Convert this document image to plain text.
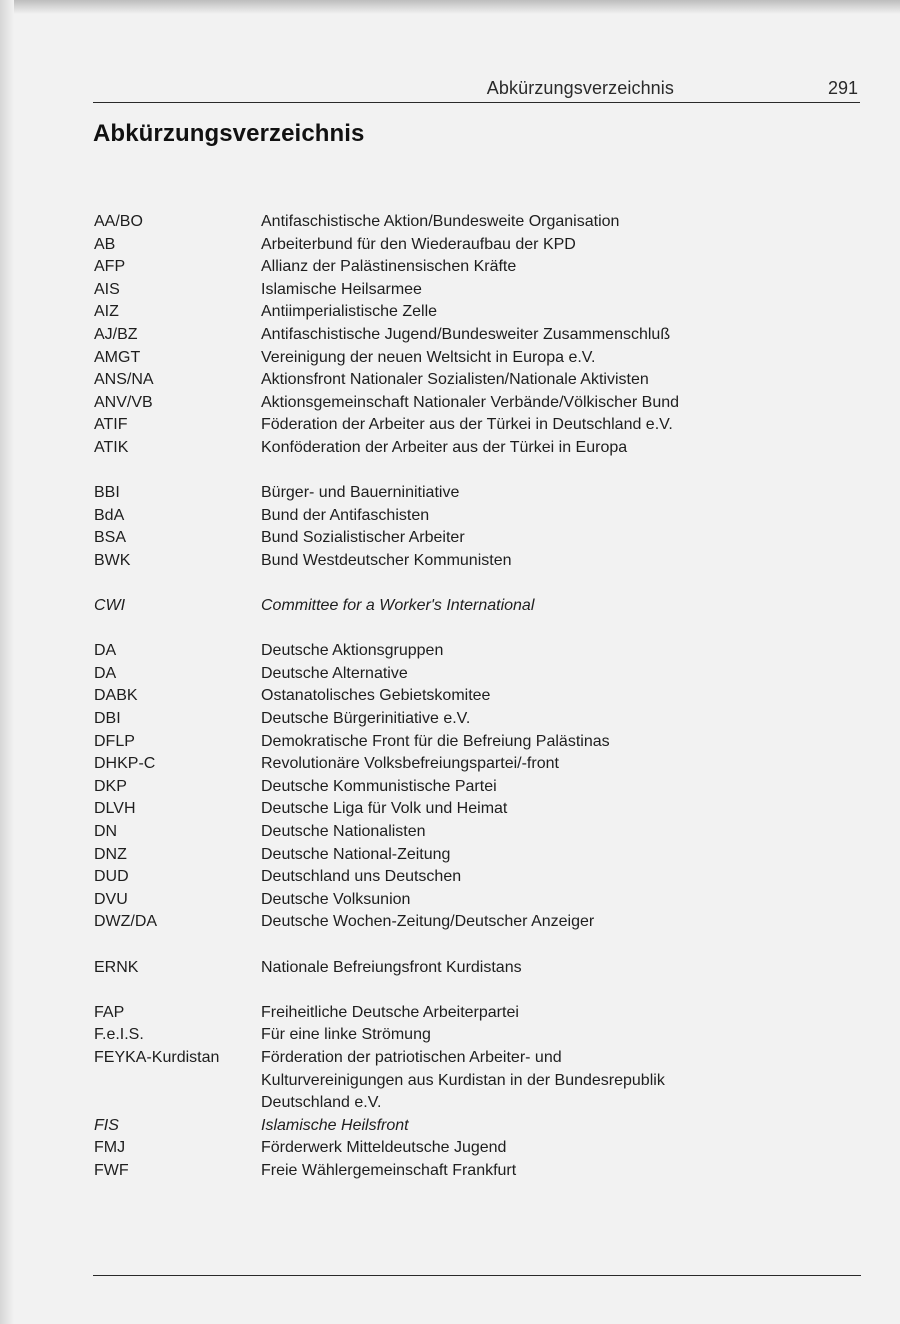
Abkürzungsverzeichnis	291
Abkürzungsverzeichnis
AA/BO	Antifaschistische Aktion/Bundesweite Organisation
AB	Arbeiterbund für den Wiederaufbau der KPD
AFP	Allianz der Palästinensischen Kräfte
AIS	Islamische Heilsarmee
AIZ	Antiimperialistische Zelle
AJ/BZ	Antifaschistische Jugend/Bundesweiter Zusammenschluß
AMGT	Vereinigung der neuen Weltsicht in Europa e.V.
ANS/NA	Aktionsfront Nationaler Sozialisten/Nationale Aktivisten
ANV/VB	Aktionsgemeinschaft Nationaler Verbände/Völkischer Bund
ATIF	Föderation der Arbeiter aus der Türkei in Deutschland e.V.
ATIK	Konföderation der Arbeiter aus der Türkei in Europa
BBI	Bürger- und Bauerninitiative
BdA	Bund der Antifaschisten
BSA	Bund Sozialistischer Arbeiter
BWK	Bund Westdeutscher Kommunisten
CWI	Committee for a Worker's International
DA	Deutsche Aktionsgruppen
DA	Deutsche Alternative
DABK	Ostanatolisches Gebietskomitee
DBI	Deutsche Bürgerinitiative e.V.
DFLP	Demokratische Front für die Befreiung Palästinas
DHKP-C	Revolutionäre Volksbefreiungspartei/-front
DKP	Deutsche Kommunistische Partei
DLVH	Deutsche Liga für Volk und Heimat
DN	Deutsche Nationalisten
DNZ	Deutsche National-Zeitung
DUD	Deutschland uns Deutschen
DVU	Deutsche Volksunion
DWZ/DA	Deutsche Wochen-Zeitung/Deutscher Anzeiger
ERNK	Nationale Befreiungsfront Kurdistans
FAP	Freiheitliche Deutsche Arbeiterpartei
F.e.I.S.	Für eine linke Strömung
FEYKA-Kurdistan	Förderation der patriotischen Arbeiter- und Kulturvereinigungen aus Kurdistan in der Bundesrepublik Deutschland e.V.
FIS	Islamische Heilsfront
FMJ	Förderwerk Mitteldeutsche Jugend
FWF	Freie Wählergemeinschaft Frankfurt
